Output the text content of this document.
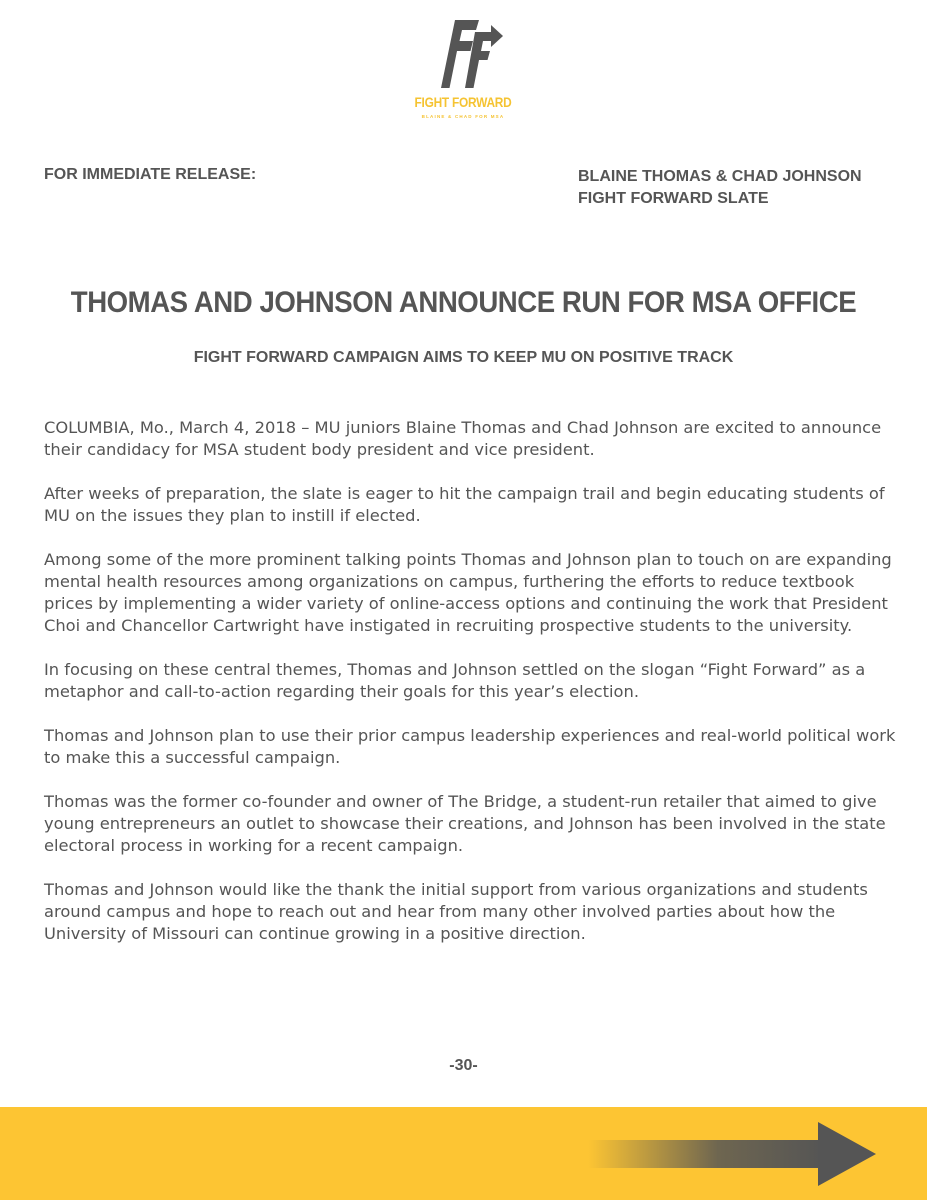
FIGHT FORWARD
BLAINE & CHAD FOR MSA
FOR IMMEDIATE RELEASE:	BLAINE THOMAS & CHAD JOHNSON
FIGHT FORWARD SLATE
THOMAS AND JOHNSON ANNOUNCE RUN FOR MSA OFFICE
FIGHT FORWARD CAMPAIGN AIMS TO KEEP MU ON POSITIVE TRACK

COLUMBIA, Mo., March 4, 2018 – MU juniors Blaine Thomas and Chad Johnson are excited to announce their candidacy for MSA student body president and vice president.

After weeks of preparation, the slate is eager to hit the campaign trail and begin educating students of MU on the issues they plan to instill if elected.

Among some of the more prominent talking points Thomas and Johnson plan to touch on are expanding mental health resources among organizations on campus, furthering the efforts to reduce textbook prices by implementing a wider variety of online-access options and continuing the work that President Choi and Chancellor Cartwright have instigated in recruiting prospective students to the university.

In focusing on these central themes, Thomas and Johnson settled on the slogan “Fight Forward” as a metaphor and call-to-action regarding their goals for this year’s election.

Thomas and Johnson plan to use their prior campus leadership experiences and real-world political work to make this a successful campaign.

Thomas was the former co-founder and owner of The Bridge, a student-run retailer that aimed to give young entrepreneurs an outlet to showcase their creations, and Johnson has been involved in the state electoral process in working for a recent campaign.

Thomas and Johnson would like the thank the initial support from various organizations and students around campus and hope to reach out and hear from many other involved parties about how the University of Missouri can continue growing in a positive direction.

-30-
